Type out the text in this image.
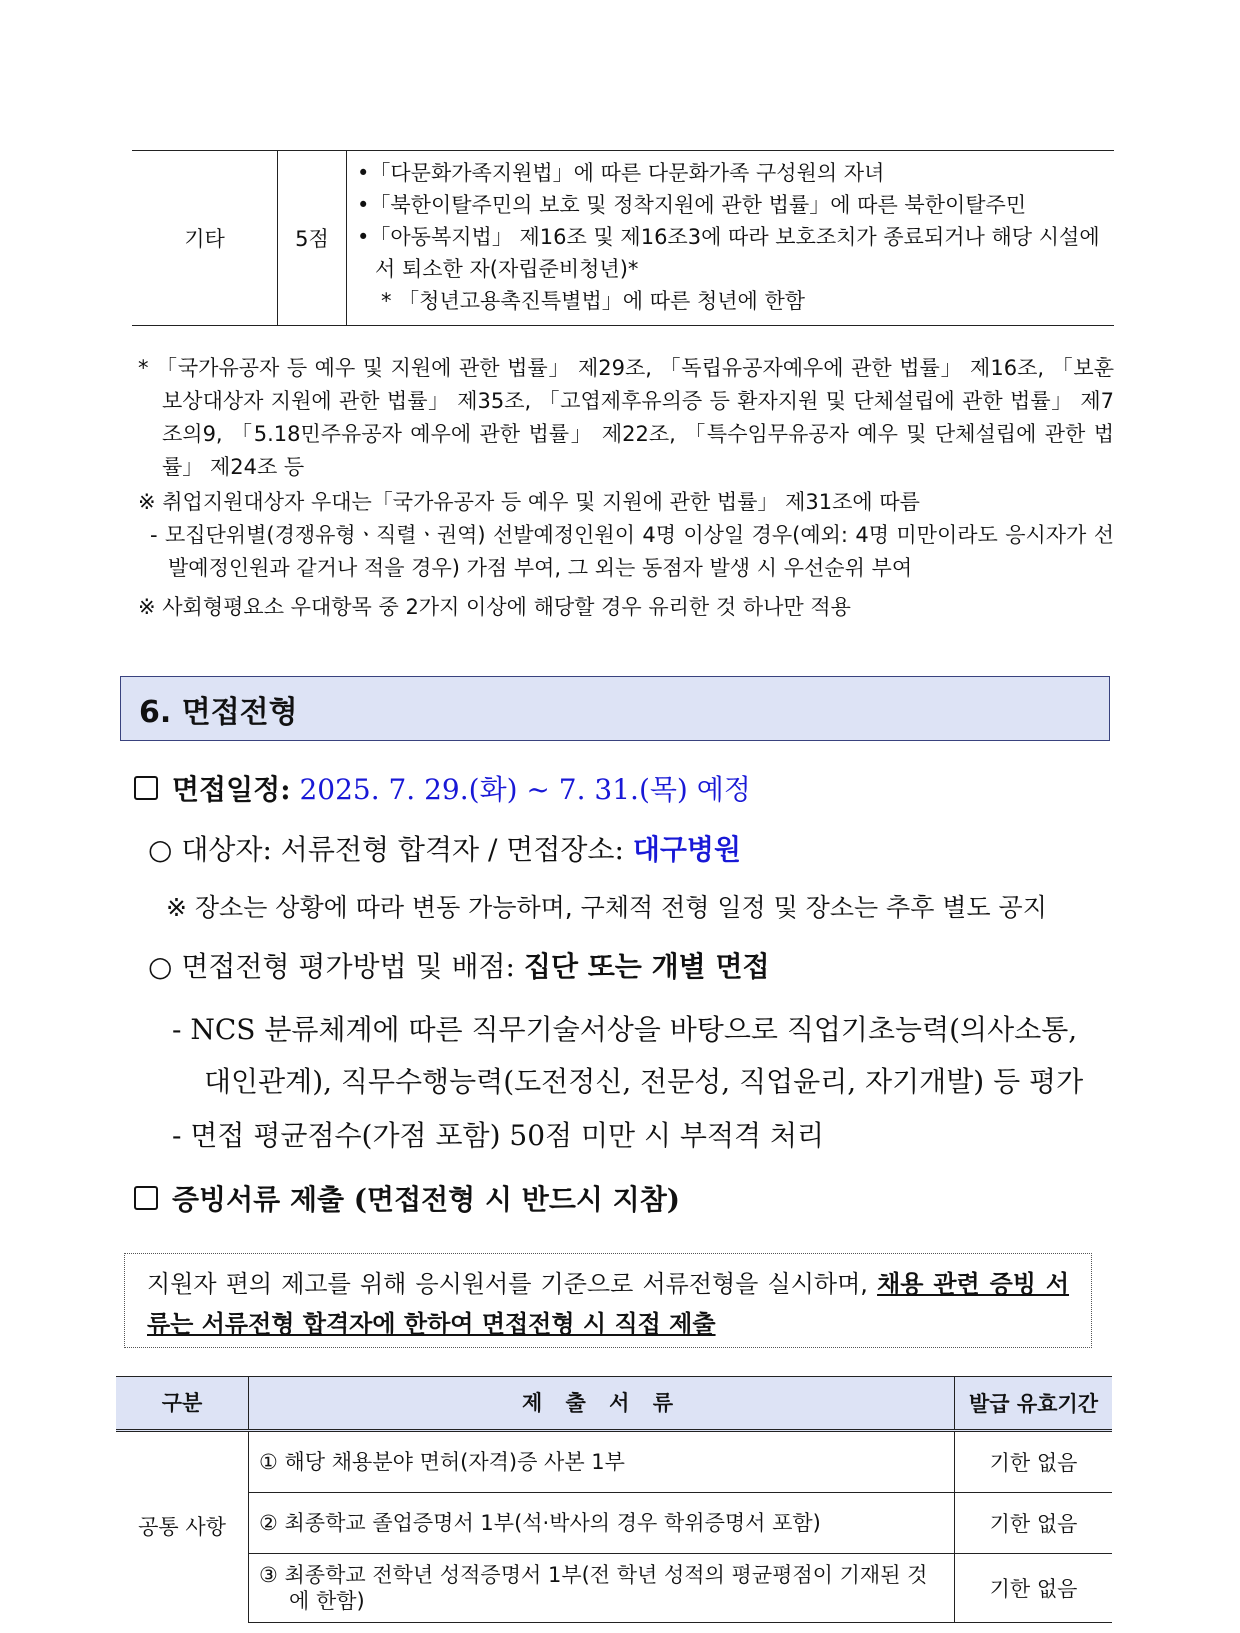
기타	5점	
•「다문화가족지원법」에 따른 다문화가족 구성원의 자녀
•「북한이탈주민의 보호 및 정착지원에 관한 법률」에 따른 북한이탈주민
•「아동복지법」 제16조 및 제16조3에 따라 보호조치가 종료되거나 해당 시설에서 퇴소한 자(자립준비청년)*
* 「청년고용촉진특별법」에 따른 청년에 한함

* 「국가유공자 등 예우 및 지원에 관한 법률」 제29조, 「독립유공자예우에 관한 법률」 제16조, 「보훈보상대상자 지원에 관한 법률」 제35조, 「고엽제후유의증 등 환자지원 및 단체설립에 관한 법률」 제7조의9, 「5.18민주유공자 예우에 관한 법률」 제22조, 「특수임무유공자 예우 및 단체설립에 관한 법률」 제24조 등

※ 취업지원대상자 우대는「국가유공자 등 예우 및 지원에 관한 법률」 제31조에 따름

- 모집단위별(경쟁유형ㆍ직렬ㆍ권역) 선발예정인원이 4명 이상일 경우(예외: 4명 미만이라도 응시자가 선발예정인원과 같거나 적을 경우) 가점 부여, 그 외는 동점자 발생 시 우선순위 부여

※ 사회형평요소 우대항목 중 2가지 이상에 해당할 경우 유리한 것 하나만 적용

6. 면접전형
면접일정: 2025. 7. 29.(화) ~ 7. 31.(목) 예정
○ 대상자: 서류전형 합격자 / 면접장소: 대구병원
※ 장소는 상황에 따라 변동 가능하며, 구체적 전형 일정 및 장소는 추후 별도 공지
○ 면접전형 평가방법 및 배점: 집단 또는 개별 면접
- NCS 분류체계에 따른 직무기술서상을 바탕으로 직업기초능력(의사소통,
대인관계), 직무수행능력(도전정신, 전문성, 직업윤리, 자기개발) 등 평가
- 면접 평균점수(가점 포함) 50점 미만 시 부적격 처리
증빙서류 제출 (면접전형 시 반드시 지참)
지원자 편의 제고를 위해 응시원서를 기준으로 서류전형을 실시하며, 채용 관련 증빙 서류는 서류전형 합격자에 한하여 면접전형 시 직접 제출
구분	제 출 서 류	발급 유효기간
공통 사항	① 해당 채용분야 면허(자격)증 사본 1부	기한 없음

	② 최종학교 졸업증명서 1부(석·박사의 경우 학위증명서 포함)	기한 없음

	③ 최종학교 전학년 성적증명서 1부(전 학년 성적의 평균평점이 기재된 것에 한함)	기한 없음
